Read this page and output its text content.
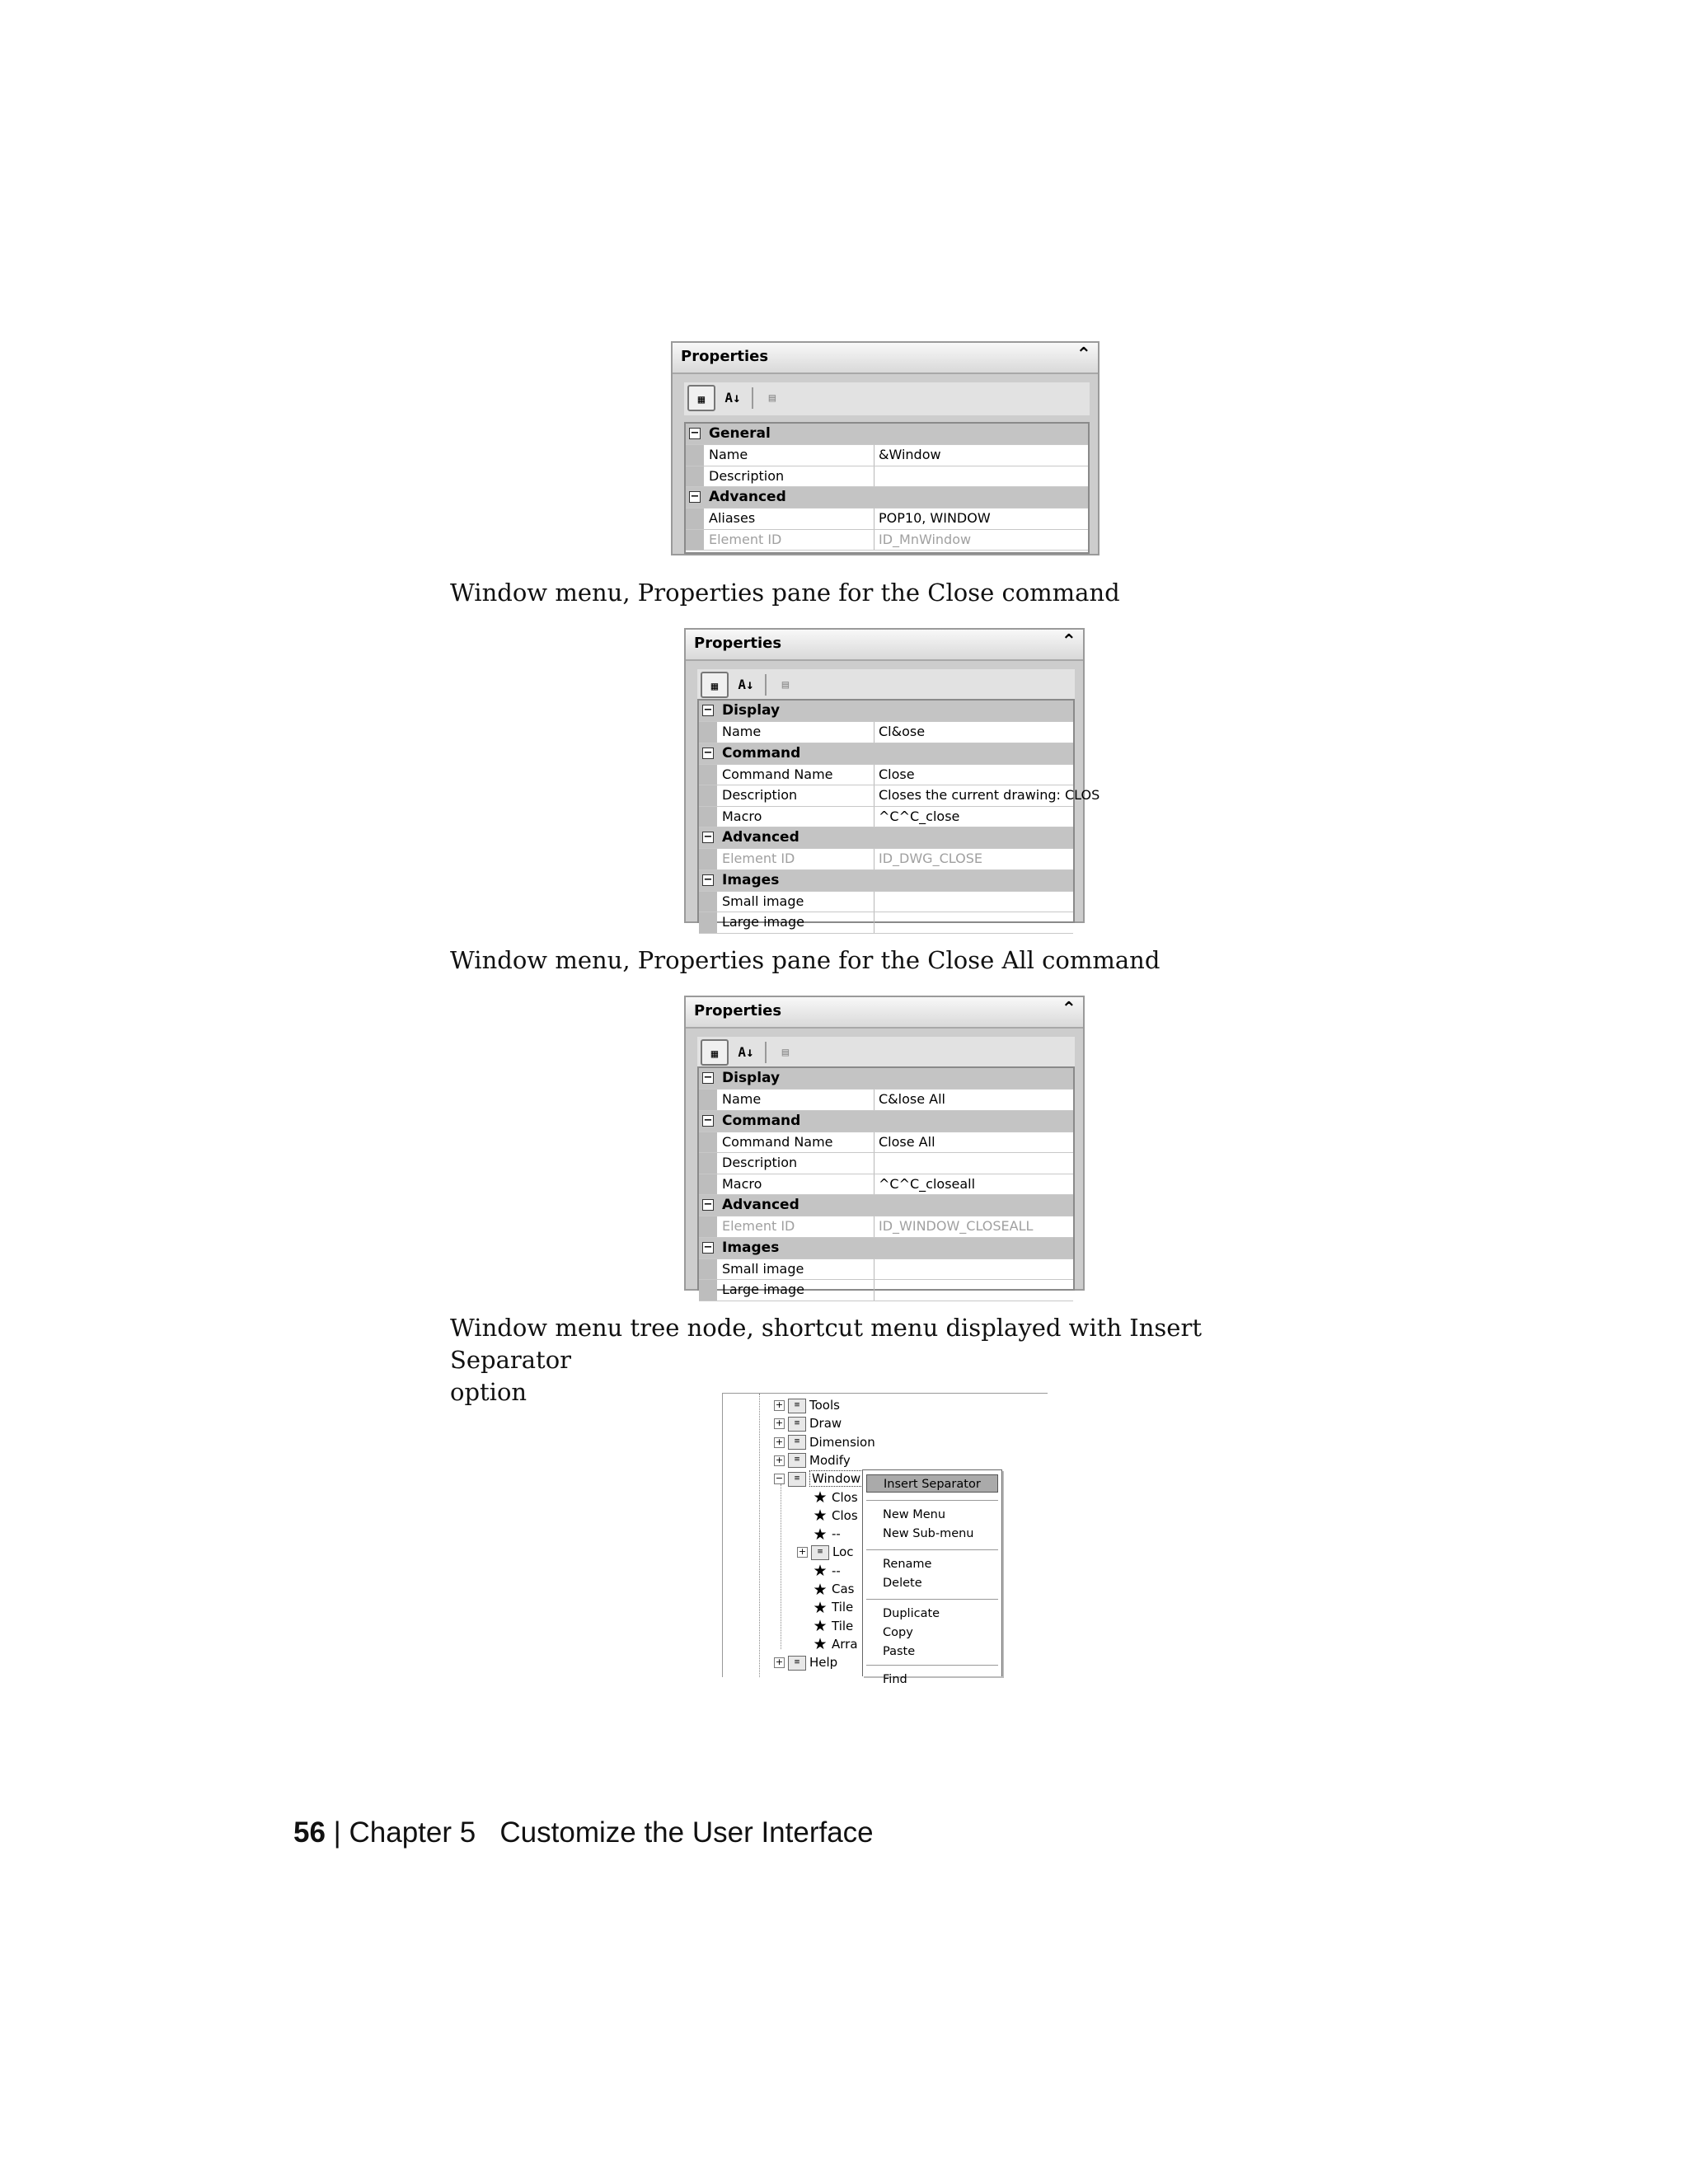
Properties	⌃
▦	A↓	▤
− General
Name	&Window
Description
− Advanced
Aliases	POP10, WINDOW
Element ID	ID_MnWindow
Window menu, Properties pane for the Close command
Properties	⌃
▦	A↓	▤
− Display
Name	Cl&ose
− Command
Command Name	Close
Description	Closes the current drawing: CLOS
Macro	^C^C_close
− Advanced
Element ID	ID_DWG_CLOSE
− Images
Small image
Large image
Window menu, Properties pane for the Close All command
Properties	⌃
▦	A↓	▤
− Display
Name	C&lose All
− Command
Command Name	Close All
Description
Macro	^C^C_closeall
− Advanced
Element ID	ID_WINDOW_CLOSEALL
− Images
Small image
Large image
Window menu tree node, shortcut menu displayed with Insert Separator
option	+ ≡ Tools
+ ≡ Draw
+ ≡ Dimension
+ ≡ Modify
− ≡ Window
★ Clos
★ Clos
★ --
+ ≡ Loc
★ --
★ Cas
★ Tile
★ Tile
★ Arra
+ ≡ Help
Insert Separator
New Menu
New Sub-menu
Rename
Delete
Duplicate
Copy
Paste
Find
56 | Chapter 5 Customize the User Interface
